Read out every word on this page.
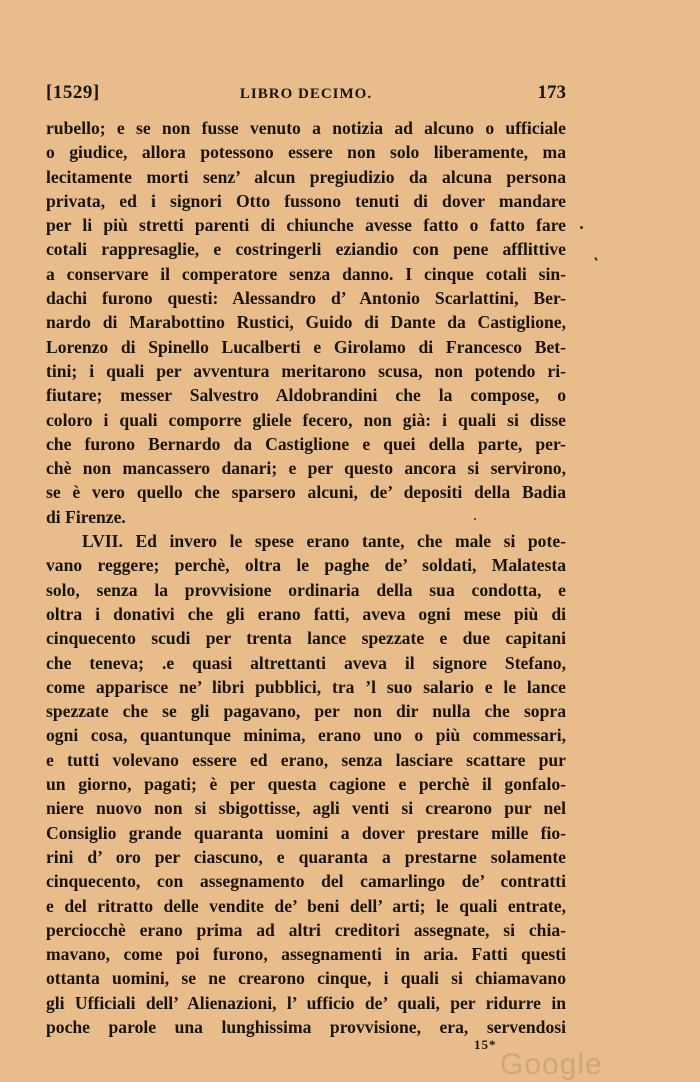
[1529]	LIBRO DECIMO.	173
rubello; e se non fusse venuto a notizia ad alcuno o ufficiale
o giudice, allora potessono essere non solo liberamente, ma
lecitamente morti senz’ alcun pregiudizio da alcuna persona
privata, ed i signori Otto fussono tenuti di dover mandare
per li più stretti parenti di chiunche avesse fatto o fatto fare
cotali rappresaglie, e costringerli eziandio con pene afflittive
a conservare il comperatore senza danno. I cinque cotali sin-
dachi furono questi: Alessandro d’ Antonio Scarlattini, Ber-
nardo di Marabottino Rustici, Guido di Dante da Castiglione,
Lorenzo di Spinello Lucalberti e Girolamo di Francesco Bet-
tini; i quali per avventura meritarono scusa, non potendo ri-
fiutare; messer Salvestro Aldobrandini che la compose, o
coloro i quali comporre gliele fecero, non già: i quali si disse
che furono Bernardo da Castiglione e quei della parte, per-
chè non mancassero danari; e per questo ancora si servirono,
se è vero quello che sparsero alcuni, de’ depositi della Badia
di Firenze.
LVII. Ed invero le spese erano tante, che male si pote-
vano reggere; perchè, oltra le paghe de’ soldati, Malatesta
solo, senza la provvisione ordinaria della sua condotta, e
oltra i donativi che gli erano fatti, aveva ogni mese più di
cinquecento scudi per trenta lance spezzate e due capitani
che teneva; .e quasi altrettanti aveva il signore Stefano,
come apparisce ne’ libri pubblici, tra ’l suo salario e le lance
spezzate che se gli pagavano, per non dir nulla che sopra
ogni cosa, quantunque minima, erano uno o più commessari,
e tutti volevano essere ed erano, senza lasciare scattare pur
un giorno, pagati; è per questa cagione e perchè il gonfalo-
niere nuovo non si sbigottisse, agli venti si crearono pur nel
Consiglio grande quaranta uomini a dover prestare mille fio-
rini d’ oro per ciascuno, e quaranta a prestarne solamente
cinquecento, con assegnamento del camarlingo de’ contratti
e del ritratto delle vendite de’ beni dell’ arti; le quali entrate,
perciocchè erano prima ad altri creditori assegnate, si chia-
mavano, come poi furono, assegnamenti in aria. Fatti questi
ottanta uomini, se ne crearono cinque, i quali si chiamavano
gli Ufficiali dell’ Alienazioni, l’ ufficio de’ quali, per ridurre in
poche parole una lunghissima provvisione, era, servendosi
15*
Google
